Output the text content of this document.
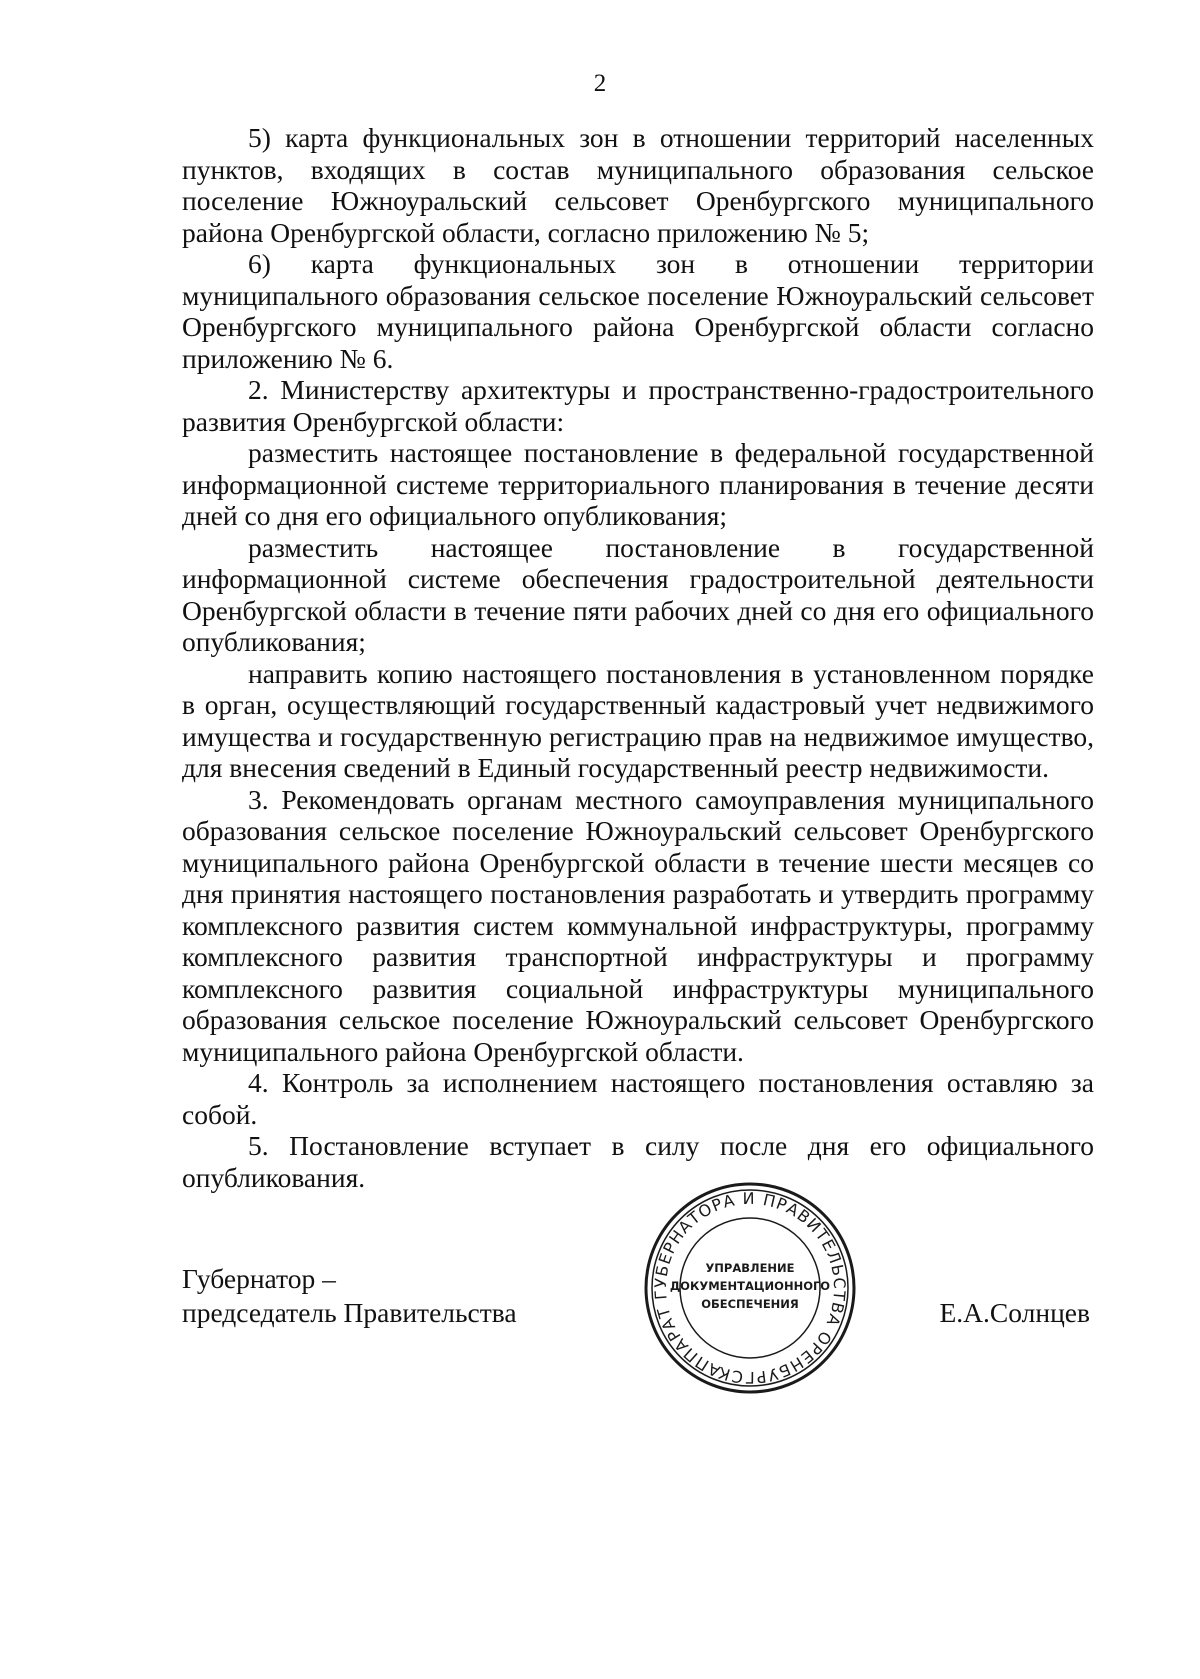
2

5) карта функциональных зон в отношении территорий населенных пунктов, входящих в состав муниципального образования сельское поселение Южноуральский сельсовет Оренбургского муниципального района Оренбургской области, согласно приложению № 5;

6) карта функциональных зон в отношении территории муниципального образования сельское поселение Южноуральский сельсовет Оренбургского муниципального района Оренбургской области согласно приложению № 6.

2. Министерству архитектуры и пространственно-градостроительного развития Оренбургской области:

разместить настоящее постановление в федеральной государственной информационной системе территориального планирования в течение десяти дней со дня его официального опубликования;

разместить настоящее постановление в государственной информационной системе обеспечения градостроительной деятельности Оренбургской области в течение пяти рабочих дней со дня его официального опубликования;

направить копию настоящего постановления в установленном порядке в орган, осуществляющий государственный кадастровый учет недвижимого имущества и государственную регистрацию прав на недвижимое имущество, для внесения сведений в Единый государственный реестр недвижимости.

3. Рекомендовать органам местного самоуправления муниципального образования сельское поселение Южноуральский сельсовет Оренбургского муниципального района Оренбургской области в течение шести месяцев со дня принятия настоящего постановления разработать и утвердить программу комплексного развития систем коммунальной инфраструктуры, программу комплексного развития транспортной инфраструктуры и программу комплексного развития социальной инфраструктуры муниципального образования сельское поселение Южноуральский сельсовет Оренбургского муниципального района Оренбургской области.

4. Контроль за исполнением настоящего постановления оставляю за собой.

5. Постановление вступает в силу после дня его официального опубликования.

Губернатор –
председатель Правительства	Е.А.Солнцев
АППАРАТ ГУБЕРНАТОРА И ПРАВИТЕЛЬСТВА ОРЕНБУРГСКОЙ
УПРАВЛЕНИЕ
ДОКУМЕНТАЦИОННОГО
ОБЕСПЕЧЕНИЯ
